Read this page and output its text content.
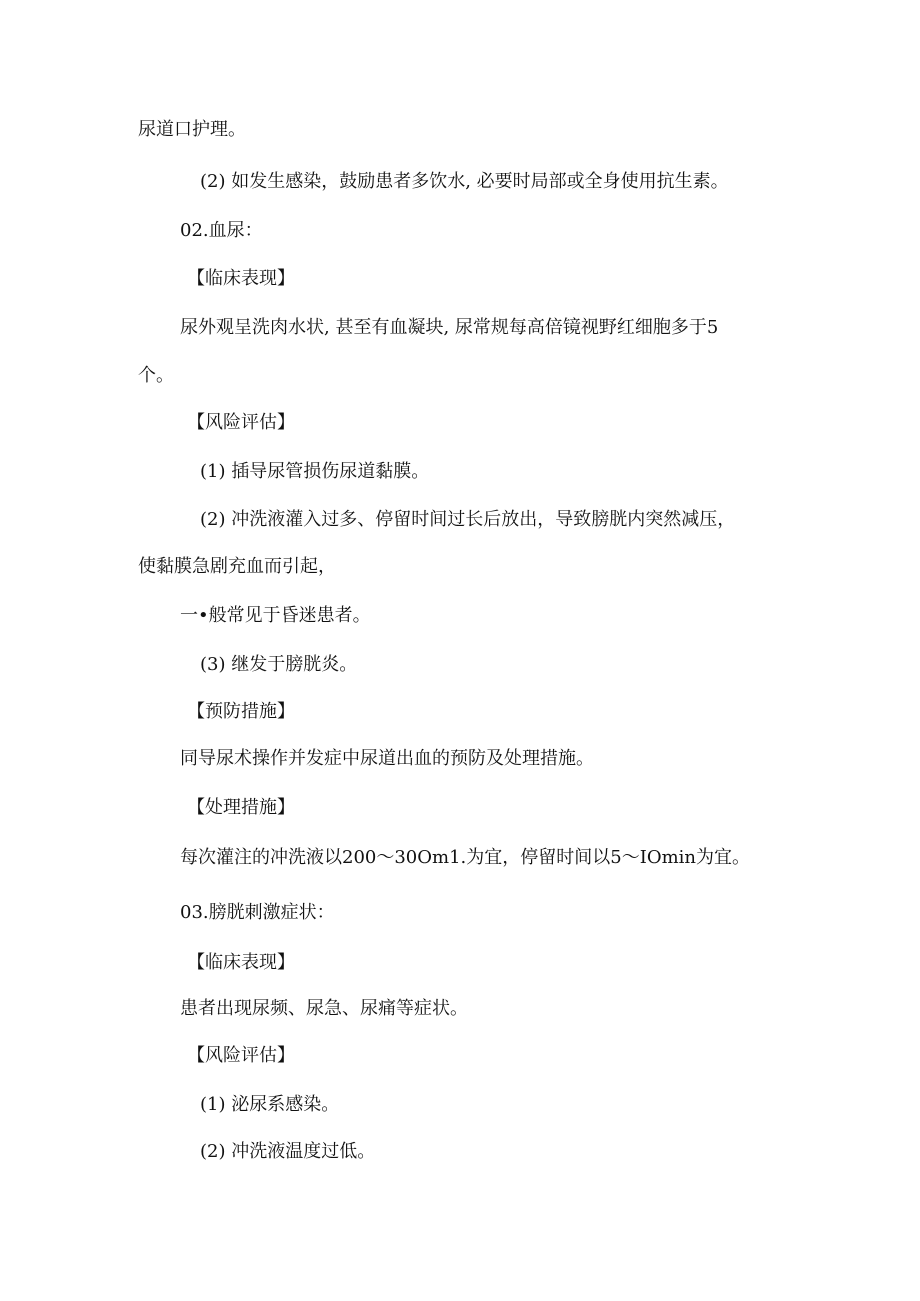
尿道口护理。
(2) 如发生感染，鼓励患者多饮水, 必要时局部或全身使用抗生素。
02.血尿：
【临床表现】
尿外观呈洗肉水状, 甚至有血凝块, 尿常规每高倍镜视野红细胞多于5
个。
【风险评估】
(1) 插导尿管损伤尿道黏膜。
(2) 冲洗液灌入过多、停留时间过长后放出，导致膀胱内突然减压，
使黏膜急剧充血而引起，
一•般常见于昏迷患者。
(3) 继发于膀胱炎。
【预防措施】
同导尿术操作并发症中尿道出血的预防及处理措施。
【处理措施】
每次灌注的冲洗液以200〜30Om1.为宜，停留时间以5〜IOmin为宜。
03.膀胱刺激症状：
【临床表现】
患者出现尿频、尿急、尿痛等症状。
【风险评估】
(1) 泌尿系感染。
(2) 冲洗液温度过低。
